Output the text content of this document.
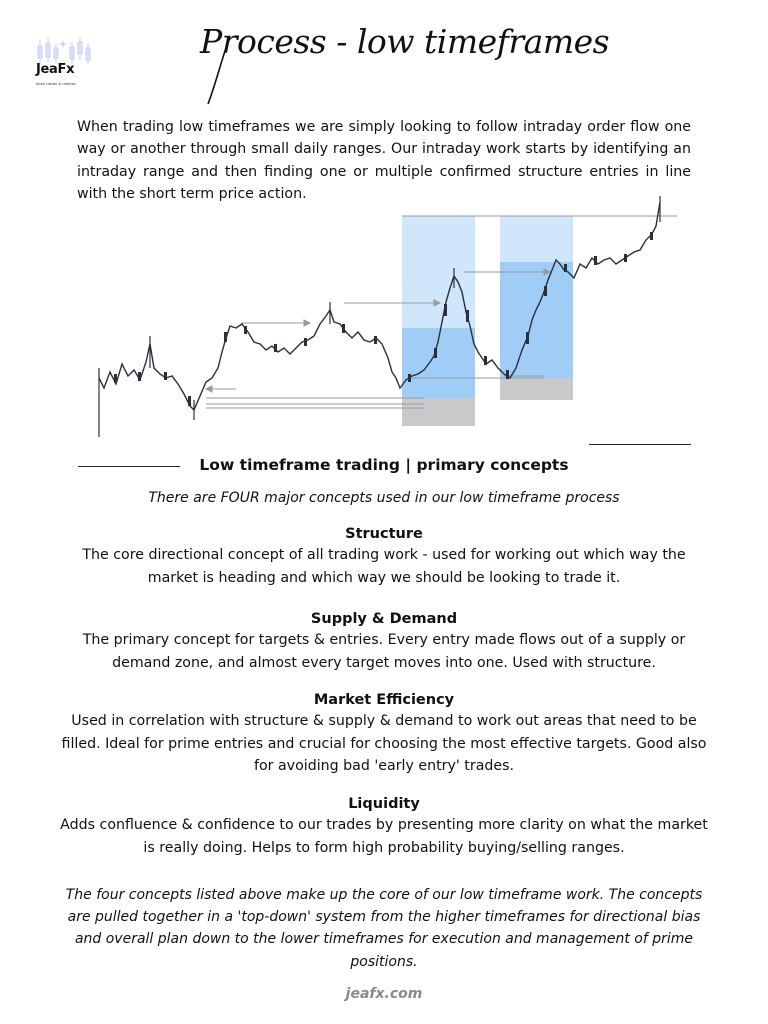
JeaFx
forex trader & mentor.
Process - low timeframes
When trading low timeframes we are simply looking to follow intraday order flow one way or another through small daily ranges. Our intraday work starts by identifying an intraday range and then finding one or multiple confirmed structure entries in line with the short term price action.
Low timeframe trading | primary concepts
There are FOUR major concepts used in our low timeframe process
Structure

The core directional concept of all trading work - used for working out which way the market is heading and which way we should be looking to trade it.

Supply & Demand

The primary concept for targets & entries. Every entry made flows out of a supply or demand zone, and almost every target moves into one. Used with structure.

Market Efficiency

Used in correlation with structure & supply & demand to work out areas that need to be filled. Ideal for prime entries and crucial for choosing the most effective targets. Good also for avoiding bad 'early entry' trades.

Liquidity

Adds confluence & confidence to our trades by presenting more clarity on what the market is really doing. Helps to form high probability buying/selling ranges.

The four concepts listed above make up the core of our low timeframe work. The concepts are pulled together in a 'top-down' system from the higher timeframes for directional bias and overall plan down to the lower timeframes for execution and management of prime positions.
jeafx.com
